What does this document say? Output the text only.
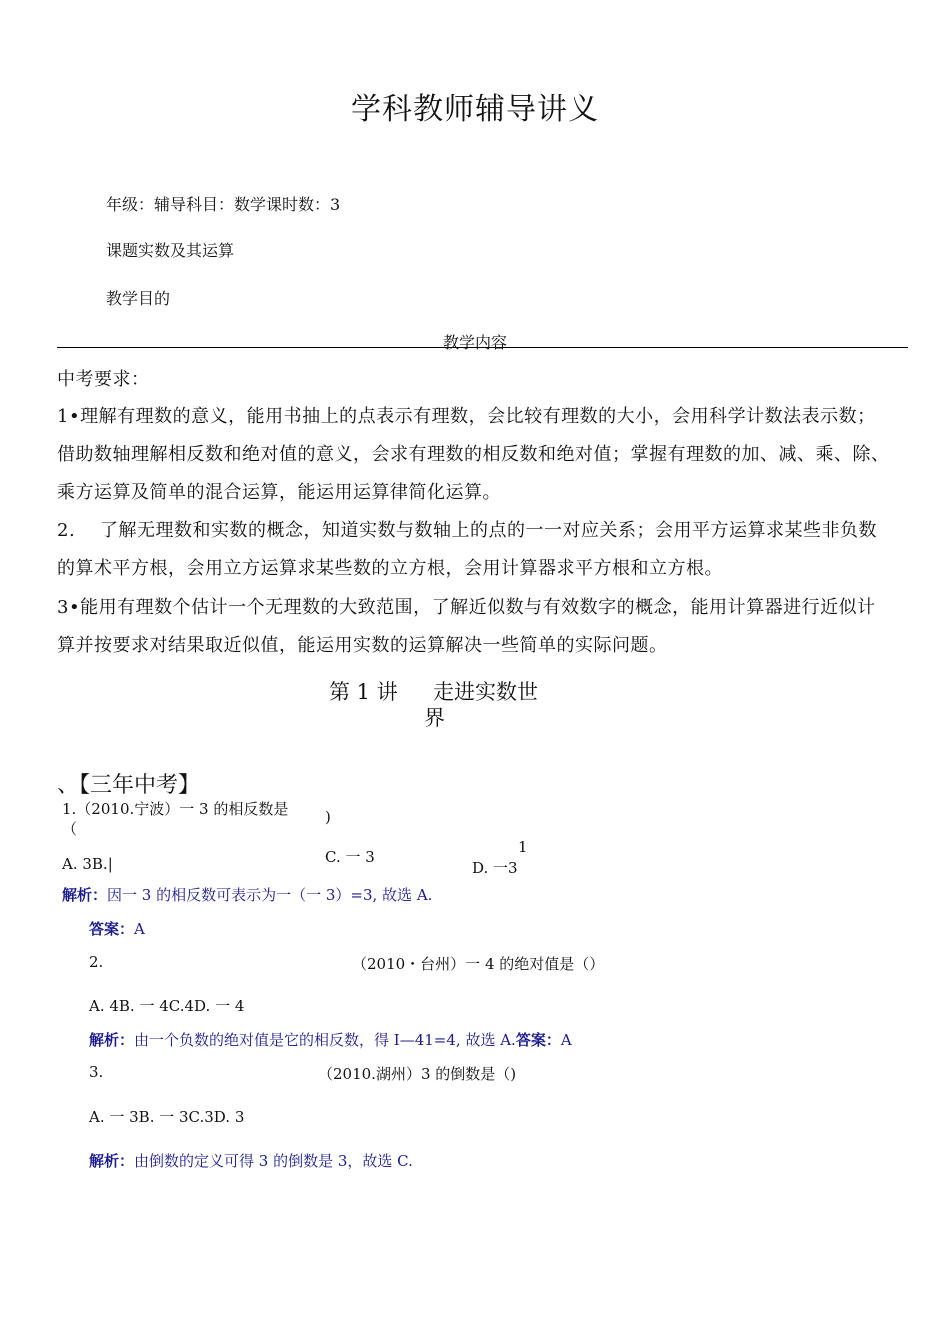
学科教师辅导讲义
年级：辅导科目：数学课时数：3
课题实数及其运算
教学目的
教学内容
中考要求：
1•理解有理数的意义，能用书抽上的点表示有理数，会比较有理数的大小，会用科学计数法表示数；
借助数轴理解相反数和绝对值的意义，会求有理数的相反数和绝对值；掌握有理数的加、减、乘、除、
乘方运算及简单的混合运算，能运用运算律简化运算。
2.    了解无理数和实数的概念，知道实数与数轴上的点的一一对应关系；会用平方运算求某些非负数
的算术平方根，会用立方运算求某些数的立方根，会用计算器求平方根和立方根。
3•能用有理数个估计一个无理数的大致范围，了解近似数与有效数字的概念，能用计算器进行近似计
算并按要求对结果取近似值，能运用实数的运算解决一些简单的实际问题。
第 1 讲 走进实数世
界
、【三年中考】
1.（2010.宁波）一 3 的相反数是
（
)
A. 3B.|	C. 一 3
1
D. 一3
解析：因一 3 的相反数可表示为一（一 3）=3, 故选 A.
答案：A
2.	（2010・台州）一 4 的绝对值是（）
A. 4B. 一 4C.4D. 一 4
解析：由一个负数的绝对值是它的相反数，得 I—41=4, 故选 A.答案：A
3.	（2010.湖州）3 的倒数是（)
A. 一 3B. 一 3C.3D. 3
解析：由倒数的定义可得 3 的倒数是 3，故选 C.
